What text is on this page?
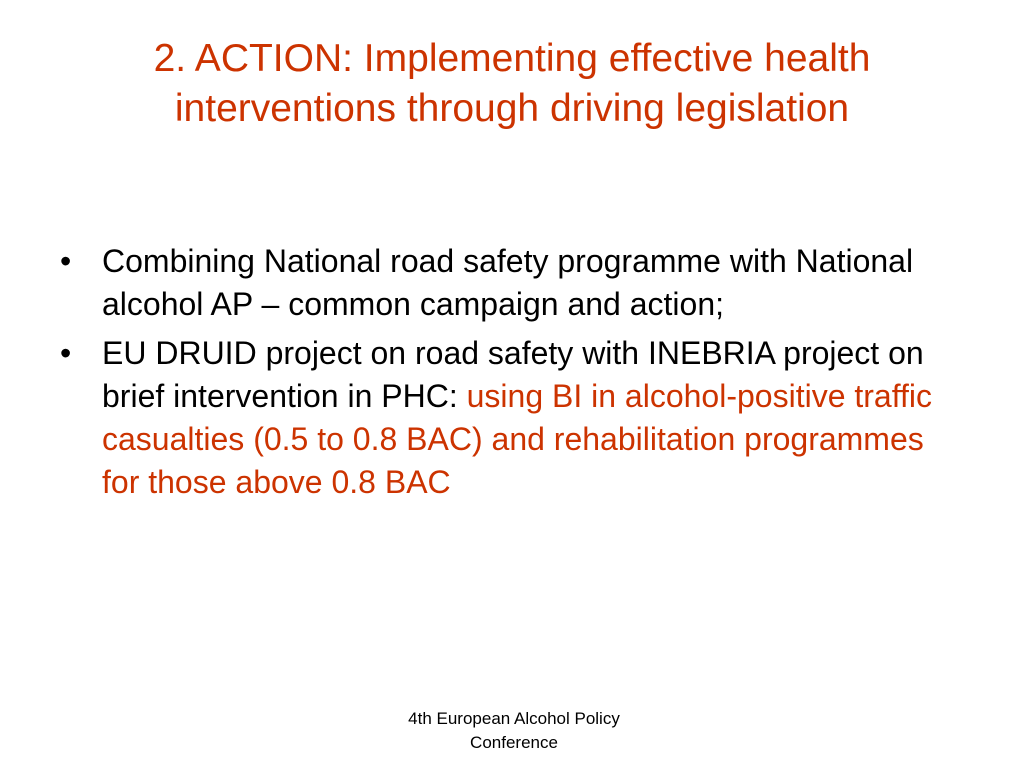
2. ACTION: Implementing effective health
interventions through driving legislation
• Combining National road safety programme with National alcohol AP – common campaign and action;
• EU DRUID project on road safety with INEBRIA project on brief intervention in PHC: using BI in alcohol-positive traffic casualties (0.5 to 0.8 BAC) and rehabilitation programmes for those above 0.8 BAC
4th European Alcohol Policy
Conference
